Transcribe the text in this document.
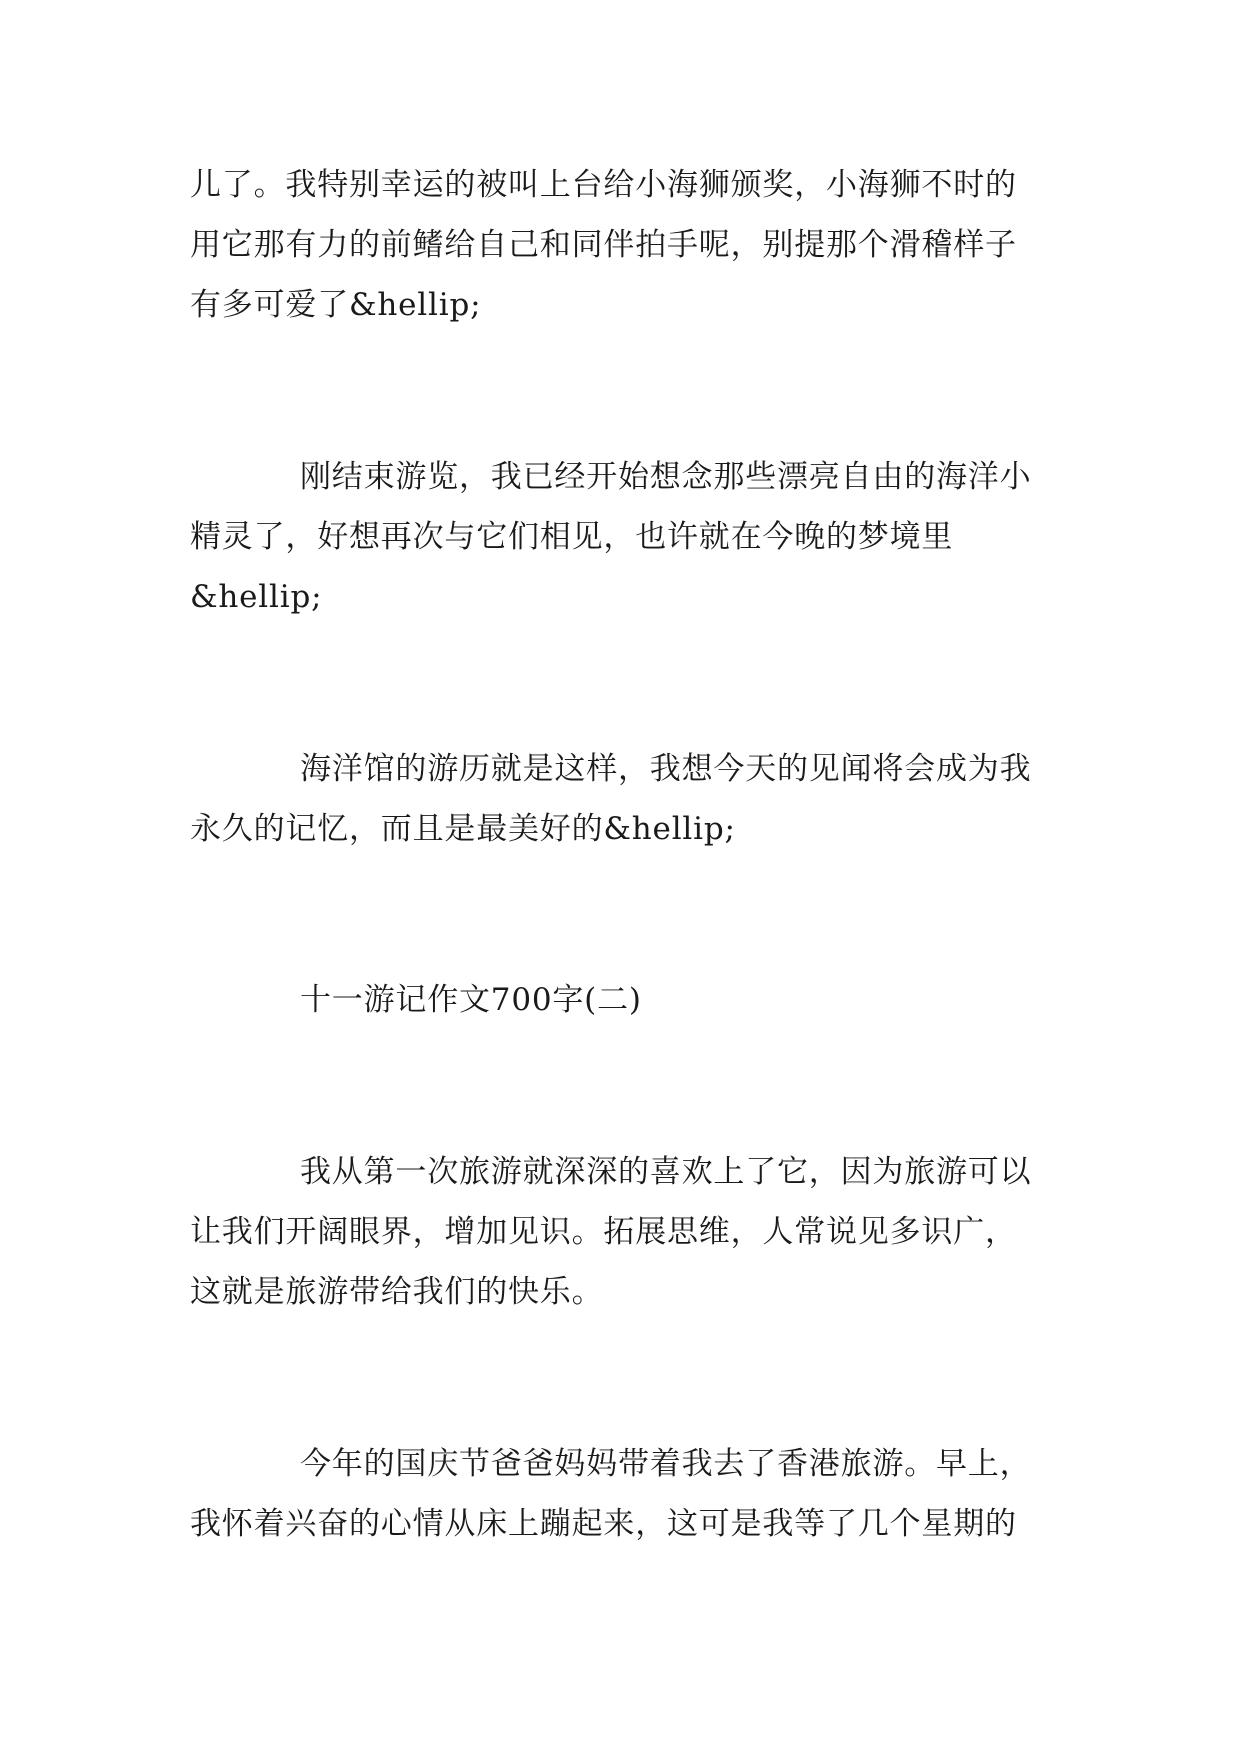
儿了。我特别幸运的被叫上台给小海狮颁奖，小海狮不时的
用它那有力的前鳍给自己和同伴拍手呢，别提那个滑稽样子
有多可爱了&hellip;
刚结束游览，我已经开始想念那些漂亮自由的海洋小
精灵了，好想再次与它们相见，也许就在今晚的梦境里
&hellip;
海洋馆的游历就是这样，我想今天的见闻将会成为我
永久的记忆，而且是最美好的&hellip;
十一游记作文700字(二)
我从第一次旅游就深深的喜欢上了它，因为旅游可以
让我们开阔眼界，增加见识。拓展思维，人常说见多识广，
这就是旅游带给我们的快乐。
今年的国庆节爸爸妈妈带着我去了香港旅游。早上，
我怀着兴奋的心情从床上蹦起来，这可是我等了几个星期的
